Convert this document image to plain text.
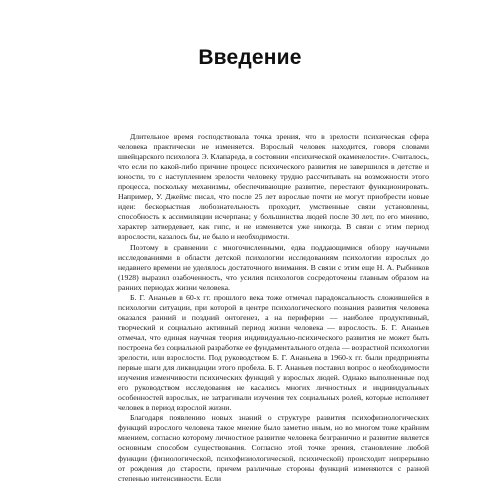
Введение

Длительное время господствовала точка зрения, что в зрелости психическая сфера человека практически не изменяется. Взрослый человек находится, говоря словами швейцарского психолога Э. Клапареда, в состоянии «психической окаменелости». Считалось, что если по какой-либо причине процесс психического развития не завершился в детстве и юности, то с наступлением зрелости человеку трудно рассчитывать на возможности этого процесса, поскольку механизмы, обеспечивающие развитие, перестают функционировать. Например, У. Джеймс писал, что после 25 лет взрослые почти не могут приобрести новые идеи: бескорыстная любознательность проходит, умственные связи установлены, способность к ассимиляции исчерпана; у большинства людей после 30 лет, по его мнению, характер затвердевает, как гипс, и не изменяется уже никогда. В связи с этим период взрослости, казалось бы, не было и необходимости.

Поэтому в сравнении с многочисленными, едва поддающимися обзору научными исследованиями в области детской психологии исследованиям психологии взрослых до недавнего времени не уделялось достаточного внимания. В связи с этим еще Н. А. Рыбников (1928) выразил озабоченность, что усилия психологов сосредоточены главным образом на ранних периодах жизни человека.

Б. Г. Ананьев в 60-х гг. прошлого века тоже отмечал парадоксальность сложившейся в психологии ситуации, при которой в центре психологического познания развития человека оказался ранний и поздний онтогенез, а на периферии — наиболее продуктивный, творческий и социально активный период жизни человека — взрослость. Б. Г. Ананьев отмечал, что единая научная теория индивидуально-психического развития не может быть построена без социальной разработке ее фундаментального отдела — возрастной психологии зрелости, или взрослости. Под руководством Б. Г. Ананьева в 1960-х гг. были предприняты первые шаги для ликвидации этого пробела. Б. Г. Ананьев поставил вопрос о необходимости изучения изменчивости психических функций у взрослых людей. Однако выполненные под его руководством исследования не касались многих личностных и индивидуальных особенностей взрослых, не затрагивали изучения тех социальных ролей, которые исполняет человек в период взрослой жизни.

Благодаря появлению новых знаний о структуре развития психофизиологических функций взрослого человека такое мнение было заметно иным, но во многом тоже крайним мнением, согласно которому личностное развитие человека безгранично и развитие является основным способом существования. Согласно этой точке зрения, становление любой функции (физиологической, психофизиологической, психической) происходит непрерывно от рождения до старости, причем различные стороны функций изменяются с разной степенью интенсивности. Если
